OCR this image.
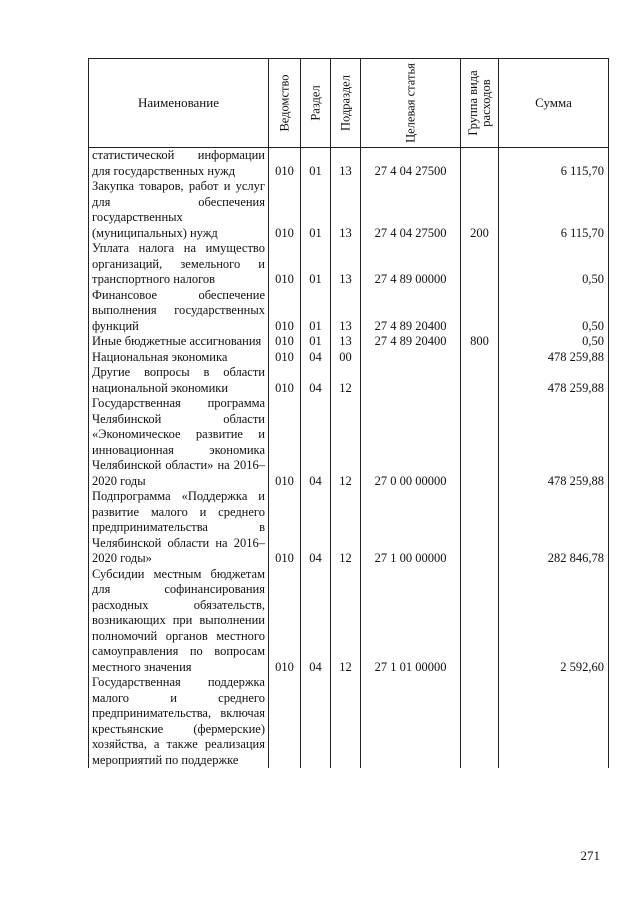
Наименование	Ведомство	Раздел	Подраздел	Целевая статья	Группа вида расходов	Сумма
статистической информации для государственных нужд	010	01	13	27 4 04 27500		6 115,70
Закупка товаров, работ и услуг для обеспечения государственных (муниципальных) нужд	010	01	13	27 4 04 27500	200	6 115,70
Уплата налога на имущество организаций, земельного и транспортного налогов	010	01	13	27 4 89 00000		0,50
Финансовое обеспечение выполнения государственных функций	010	01	13	27 4 89 20400		0,50
Иные бюджетные ассигнования	010	01	13	27 4 89 20400	800	0,50
Национальная экономика	010	04	00			478 259,88
Другие вопросы в области национальной экономики	010	04	12			478 259,88
Государственная программа Челябинской области «Экономическое развитие и инновационная экономика Челябинской области» на 2016–2020 годы	010	04	12	27 0 00 00000		478 259,88
Подпрограмма «Поддержка и развитие малого и среднего предпринимательства в Челябинской области на 2016–2020 годы»	010	04	12	27 1 00 00000		282 846,78
Субсидии местным бюджетам для софинансирования расходных обязательств, возникающих при выполнении полномочий органов местного самоуправления по вопросам местного значения	010	04	12	27 1 01 00000		2 592,60
Государственная поддержка малого и среднего предпринимательства, включая крестьянские (фермерские) хозяйства, а также реализация мероприятий по поддержке						
271
